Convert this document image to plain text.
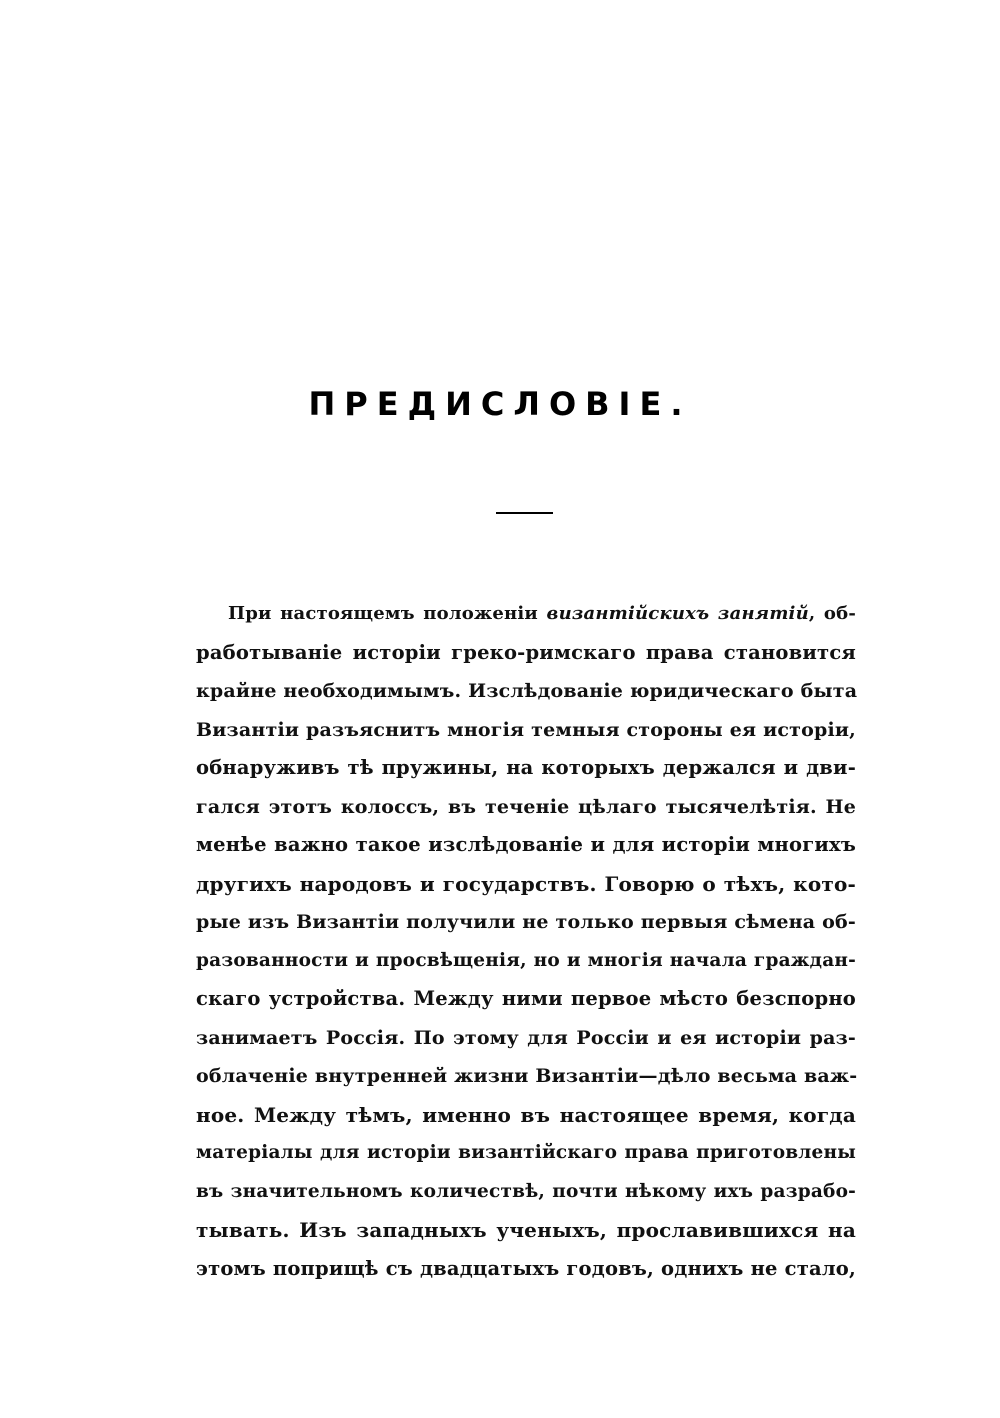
ПРЕДИСЛОВІЕ.
При настоящемъ положеніи византійскихъ занятій, об-
работываніе исторіи греко-римскаго права становится
крайне необходимымъ. Изслѣдованіе юридическаго быта
Византіи разъяснитъ многія темныя стороны ея исторіи,
обнаруживъ тѣ пружины, на которыхъ держался и дви-
гался этотъ колоссъ, въ теченіе цѣлаго тысячелѣтія. Не
менѣе важно такое изслѣдованіе и для исторіи многихъ
другихъ народовъ и государствъ. Говорю о тѣхъ, кото-
рые изъ Византіи получили не только первыя сѣмена об-
разованности и просвѣщенія, но и многія начала граждан-
скаго устройства. Между ними первое мѣсто безспорно
занимаетъ Россія. По этому для Россіи и ея исторіи раз-
облаченіе внутренней жизни Византіи—дѣло весьма важ-
ное. Между тѣмъ, именно въ настоящее время, когда
матеріалы для исторіи византійскаго права приготовлены
въ значительномъ количествѣ, почти нѣкому ихъ разрабо-
тывать. Изъ западныхъ ученыхъ, прославившихся на
этомъ поприщѣ съ двадцатыхъ годовъ, однихъ не стало,
